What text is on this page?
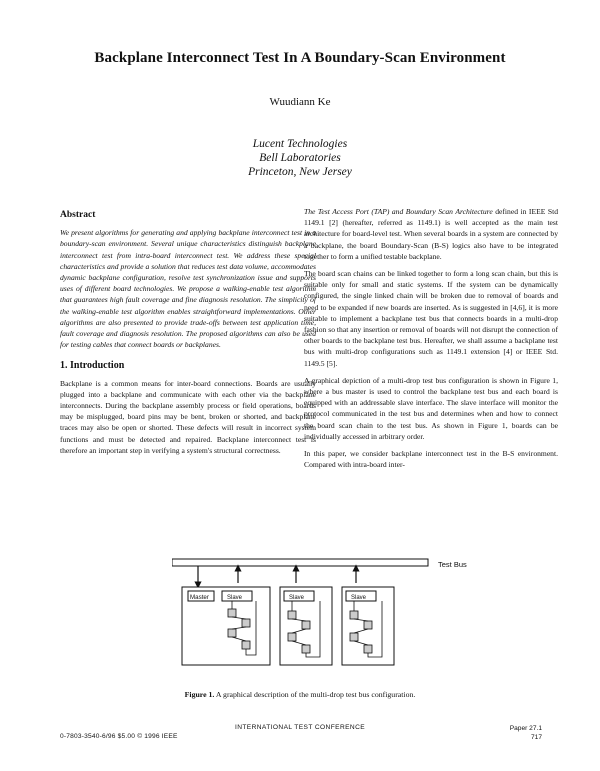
Backplane Interconnect Test In A Boundary-Scan Environment
Wuudiann Ke
Lucent Technologies
Bell Laboratories
Princeton, New Jersey
Abstract

We present algorithms for generating and applying backplane interconnect test in a boundary-scan environment. Several unique characteristics distinguish backplane interconnect test from intra-board interconnect test. We address these special characteristics and provide a solution that reduces test data volume, accommodates dynamic backplane configuration, resolve test synchronization issue and supports uses of different board technologies. We propose a walking-enable test algorithm that guarantees high fault coverage and fine diagnosis resolution. The simplicity of the walking-enable test algorithm enables straightforward implementations. Other algorithms are also presented to provide trade-offs between test application time, fault coverage and diagnosis resolution. The proposed algorithms can also be used for testing cables that connect boards or backplanes.

1. Introduction

Backplane is a common means for inter-board connections. Boards are usually plugged into a backplane and communicate with each other via the backplane interconnects. During the backplane assembly process or field operations, boards may be misplugged, board pins may be bent, broken or shorted, and backplane traces may also be open or shorted. These defects will result in incorrect system functions and must be detected and repaired. Backplane interconnect test is therefore an important step in verifying a system's structural correctness.

The Test Access Port (TAP) and Boundary Scan Architecture defined in IEEE Std 1149.1 [2] (hereafter, referred as 1149.1) is well accepted as the main test architecture for board-level test. When several boards in a system are connected by a backplane, the board Boundary-Scan (B-S) logics also have to be integrated together to form a unified testable backplane.

The board scan chains can be linked together to form a long scan chain, but this is suitable only for small and static systems. If the system can be dynamically configured, the single linked chain will be broken due to removal of boards and need to be expanded if new boards are inserted. As is suggested in [4,6], it is more suitable to implement a backplane test bus that connects boards in a multi-drop fashion so that any insertion or removal of boards will not disrupt the connection of other boards to the backplane test bus. Hereafter, we shall assume a backplane test bus with multi-drop configurations such as 1149.1 extension [4] or IEEE Std. 1149.5 [5].

A graphical depiction of a multi-drop test bus configuration is shown in Figure 1, where a bus master is used to control the backplane test bus and each board is equipped with an addressable slave interface. The slave interface will monitor the protocol communicated in the test bus and determines when and how to connect the board scan chain to the test bus. As shown in Figure 1, boards can be individually accessed in arbitrary order.

In this paper, we consider backplane interconnect test in the B-S environment. Compared with intra-board inter-

Test Bus
Master	Slave	Slave	Slave
Figure 1. A graphical description of the multi-drop test bus configuration.
INTERNATIONAL TEST CONFERENCE
0-7803-3540-6/96 $5.00 © 1996 IEEE
Paper 27.1
717
